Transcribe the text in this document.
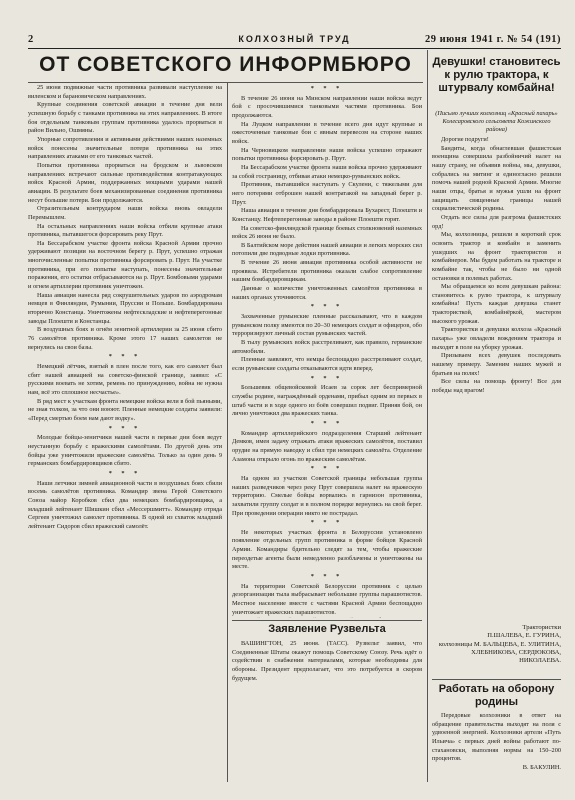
2	КОЛХОЗНЫЙ ТРУД	29 июня 1941 г. № 54 (191)
ОТ СОВЕТСКОГО ИНФОРМБЮРО

25 июня подвижные части противника развивали наступление на виленском и барановическом направлениях.

Крупные соединения советской авиации в течение дня вели успешную борьбу с танками противника на этих направлениях. В итоге боя отдельным танковым группам противника удалось прорваться в район Вильно, Ошмяны.

Упорные сопротивления и активными действиями наших наземных войск понесены значительные потери противника на этих направлениях атаками от его танковых частей.

Попытки противника прорваться на бродском и львовском направлениях встречают сильные противодействия контратакующих войск Красной Армии, поддержанных мощными ударами нашей авиации. В результате боев механизированные соединения противника несут большие потери. Бои продолжаются.

Отразительным контрударом наши войска вновь овладели Перемышлем.

На остальных направлениях наши войска отбили крупные атаки противника, пытавшегося форсировать реку Прут.

На Бессарабском участке фронта войска Красной Армии прочно удерживают позиции на восточном берегу р. Прут, успешно отражая многочисленные попытки противника форсировать р. Прут. На участке противника, при его попытке наступать, понесены значительные поражения, его остатки отбрасываются на р. Прут. Бомбовыми ударами и огнем артиллерии противник уничтожен.

Наша авиация нанесла ряд сокрушительных ударов по аэродромам немцев в Финляндии, Румынии, Пруссии и Польше. Бомбардирована вторично Констанца. Уничтожены нефтескладские и нефтеперегонные заводы Плоешти и Констанцы.

В воздушных боях и огнём зенитной артиллерии за 25 июня сбито 76 самолётов противника. Кроме этого 17 наших самолетов не вернулись на свои базы.

* * *

Немецкий лётчик, взятый в плен после того, как его самолет был сбит нашей авиацией на советско-финской границе, заявил: «С русскими воевать не хотим, ремень по принуждению, война не нужна нам, всё это сплошное несчастье».

В ряд мест к участкам фронта немецкие войска вели в бой пьяными, не зная толком, за что они воюют. Пленные немецкие солдаты заявили: «Перед смертью боем нам дают водку».

* * *

Молодые бойцы-зенитчики нашей части в первые дни боев ведут неустанную борьбу с вражескими самолётами. По другой день эти бойцы уже уничтожили вражеские самолёты. Только за один день 9 германских бомбардировщиков сбито.

* * *

Наши летчики зимней авиационной части в воздушных боях сбили восемь самолётов противника. Командир звена Герой Советского Союза майор Коробков сбил два немецких бомбардировщика, а младший лейтенант Шишкин сбил «Мессершмитт». Командир отряда Сергеев уничтожил самолет противника. В одной из схваток младший лейтенант Сидоров сбил вражеский самолёт.

* * *

В течение 26 июня на Минском направлении наши войска ведут бой с просочившимися танковыми частями противника. Бои продолжаются.

На Луцком направлении в течение всего дня идут крупные и ожесточенные танковые бои с явным перевесом на стороне наших войск.

На Черновицком направлении наши войска успешно отражают попытки противника форсировать р. Прут.

На Бессарабском участке фронта наши войска прочно удерживают за собой госграницу, отбивая атаки немецко-румынских войск.

Противник, пытавшийся наступать у Скулени, с тяжелыми для него потерями отброшен нашей контратакой на западный берег р. Прут.

Наша авиация в течение дня бомбардировала Бухарест, Плоешти и Констанцу. Нефтеперегонные заводы в районе Плоешти горят.

На советско-финляндской границе боевых столкновений наземных войск 26 июня не было.

В Балтийском море действия нашей авиации и легких морских сил потопили две подводные лодки противника.

В течение 26 июня авиация противника особой активности не проявила. Истребители противника оказали слабое сопротивление нашим бомбардировщикам.

Данные о количестве уничтоженных самолётов противника в наших органах уточняются.

* * *

Захваченные румынские пленные рассказывают, что в каждом румынском полку имеются по 20–30 немецких солдат и офицеров, обо терроризируют личный состав румынских частей.

В тылу румынских войск расстреливают, как правило, германские автомобили.

Пленные заявляют, что немцы беспощадно расстреливают солдат, если румынские солдаты отказываются идти вперед.

* * *

Большевик общевойсковой Исаев за сорок лет беспримерной службы родине, награждённый орденами, прибыл одним из первых в штаб части и в ходе одного из боёв совершил подвиг. Приняв бой, он лично уничтожил два вражеских танка.

* * *

Командир артиллерийского подразделения Старший лейтенант Демков, имея задачу отражать атаки вражеских самолётов, поставил орудие на прямую наводку и сбил три немецких самолёта. Отделение Азамона открыло огонь по вражеским самолётам.

* * *

На одном из участков Советской границы небольшая группа наших разведчиков через реку Прут совершила налет на вражескую территорию. Смелые бойцы ворвались в гарнизон противника, захватили группу солдат и в полном порядке вернулись на свой берег. При проведении операции никто не пострадал.

* * *

Не некоторых участках фронта в Белоруссии установлено появление отдельных групп противника в форме бойцов Красной Армии. Командиры бдительно следят за тем, чтобы вражеские переодетые агенты были немедленно разоблачены и уничтожены на месте.

* * *

На территории Советской Белоруссии противник с целью дезорганизации тыла выбрасывает небольшие группы парашютистов. Местное население вместе с частями Красной Армии беспощадно уничтожает вражеских парашютистов.

Заявление Рузвельта

ВАШИНГТОН, 25 июня. (ТАСС). Рузвельт заявил, что Соединенные Штаты окажут помощь Советскому Союзу. Речь идёт о содействии в снабжении материалами, которые необходимы для обороны. Президент предполагает, что это потребуется в скором будущем.

Девушки! становитесь к рулю трактора, к штурвалу комбайна!
(Письмо лучших колхозниц «Красный пахарь» Колесаровского сельсовета Кожинского района)

Дорогие подруги!

Бандиты, когда обнаглевшая фашистская военщина совершила разбойничий налет на нашу страну, не объявив войны, мы, девушки, собрались на митинг и единогласно решили помочь нашей родной Красной Армии. Многие наши отцы, братья и мужья ушли на фронт защищать священные границы нашей социалистической родины.

Отдать все силы для разгрома фашистских орд!

Мы, колхозницы, решили в короткий срок освоить трактор и комбайн и заменить ушедших на фронт трактористов и комбайнеров. Мы будем работать на тракторе и комбайне так, чтобы не было ни одной остановки в полевых работах.

Мы обращаемся ко всем девушкам района: становитесь к рулю трактора, к штурвалу комбайна! Пусть каждая девушка станет трактористкой, комбайнёркой, мастером высокого урожая.

Трактористки и девушки колхоза «Красный пахарь» уже овладели вождением трактора и выходят в поле на уборку урожая.

Призываем всех девушек последовать нашему примеру. Заменим наших мужей и братьев на полях!

Все силы на помощь фронту! Все для победы над врагом!

Трактористки
П.ШАЛЕВА, Е. ГУРИНА,
колхозницы М. БАЛЬЦЕВА, Е. УЛИТИНА, ХЛЕБНИКОВА, СЕРДЮКОВА, НИКОЛАЕВА.
Работать на оборону родины

Передовые колхозники в ответ на обращение правительства выходят на поля с удвоенной энергией. Колхозники артели «Путь Ильича» с первых дней войны работают по-стахановски, выполняя нормы на 150–200 процентов.

В. БАКУЛИН.
